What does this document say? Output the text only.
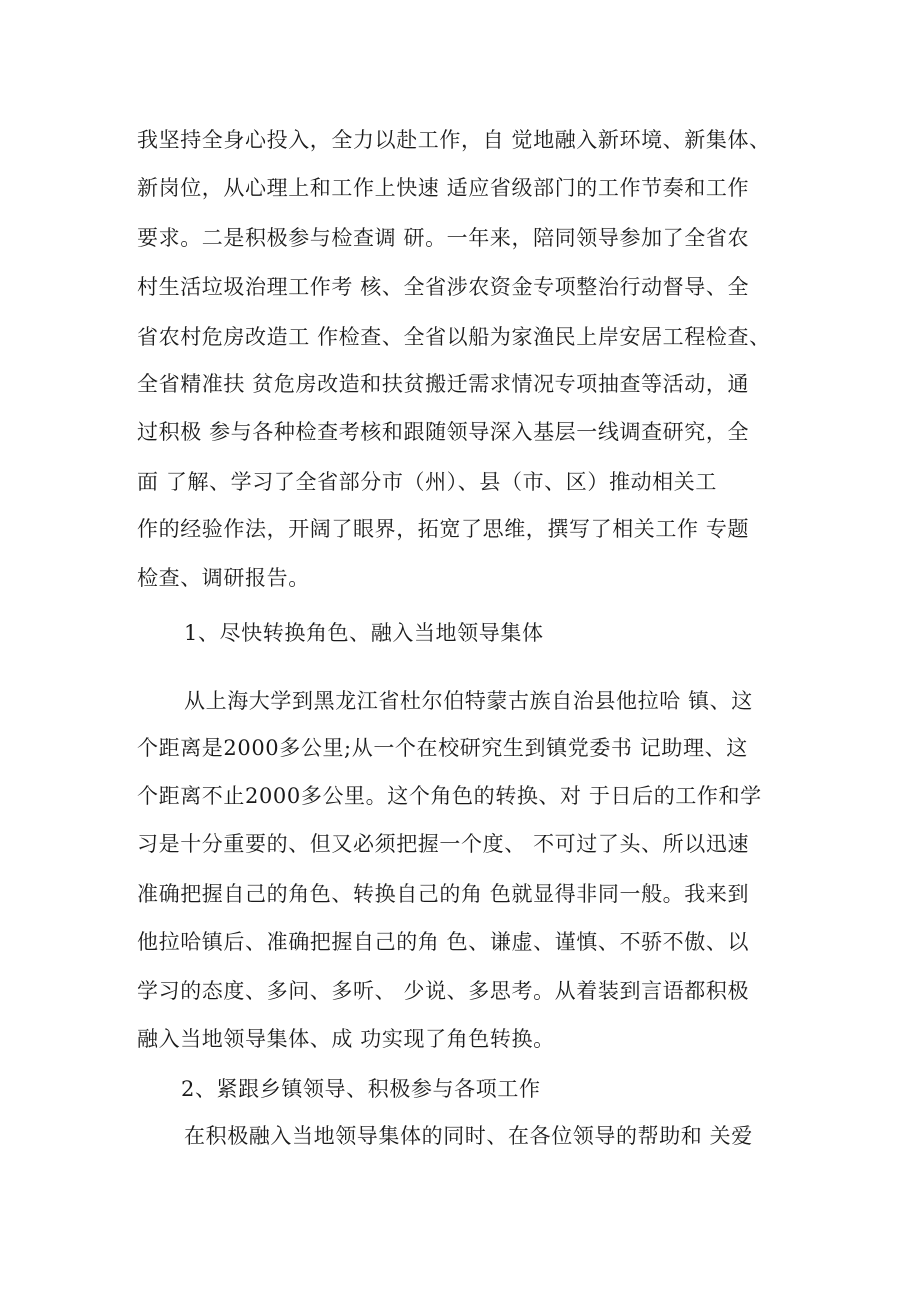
我坚持全身心投入，全力以赴工作，自 觉地融入新环境、新集体、
新岗位，从心理上和工作上快速 适应省级部门的工作节奏和工作
要求。二是积极参与检查调 研。一年来，陪同领导参加了全省农
村生活垃圾治理工作考 核、全省涉农资金专项整治行动督导、全
省农村危房改造工 作检查、全省以船为家渔民上岸安居工程检查、
全省精准扶 贫危房改造和扶贫搬迁需求情况专项抽查等活动，通
过积极 参与各种检查考核和跟随领导深入基层一线调查研究，全
面 了解、学习了全省部分市（州）、县（市、区）推动相关工
作的经验作法，开阔了眼界，拓宽了思维，撰写了相关工作 专题
检查、调研报告。
1、尽快转换角色、融入当地领导集体
从上海大学到黑龙江省杜尔伯特蒙古族自治县他拉哈 镇、这
个距离是2000多公里;从一个在校研究生到镇党委书 记助理、这
个距离不止2000多公里。这个角色的转换、对 于日后的工作和学
习是十分重要的、但又必须把握一个度、 不可过了头、所以迅速
准确把握自己的角色、转换自己的角 色就显得非同一般。我来到
他拉哈镇后、准确把握自己的角 色、谦虚、谨慎、不骄不傲、以
学习的态度、多问、多听、 少说、多思考。从着装到言语都积极
融入当地领导集体、成 功实现了角色转换。
2、紧跟乡镇领导、积极参与各项工作
在积极融入当地领导集体的同时、在各位领导的帮助和 关爱
